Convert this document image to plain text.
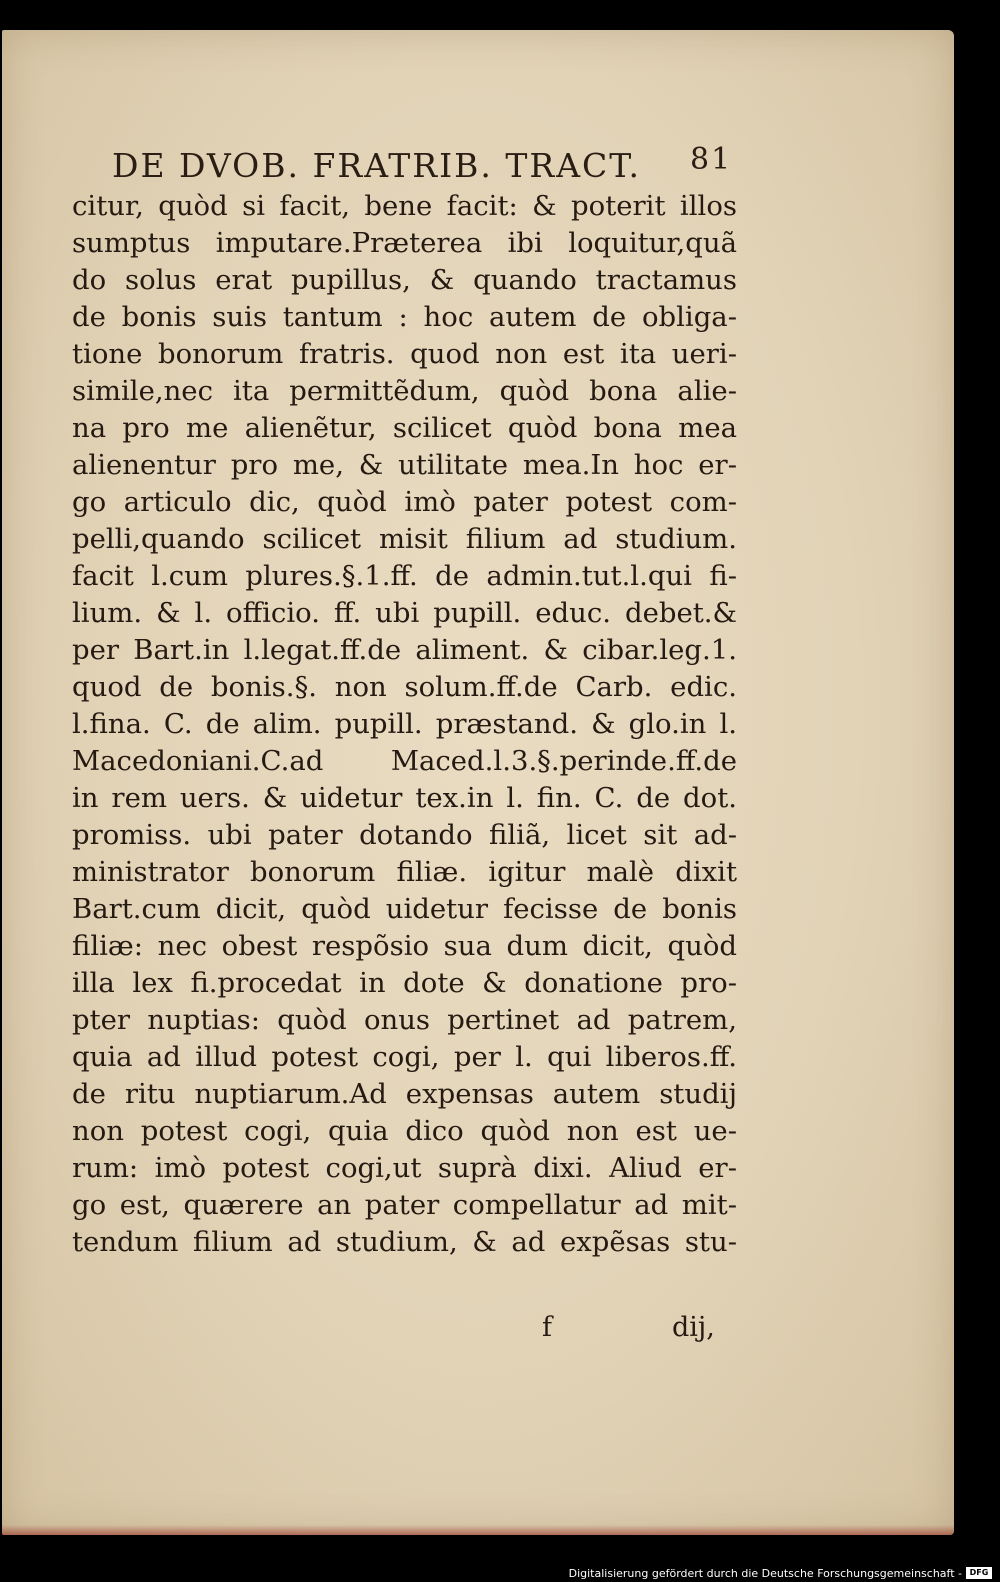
DE DVOB. FRATRIB. TRACT. 81
citur, quòd si facit, bene facit: & poterit illos
sumptus imputare.Præterea ibi loquitur,quã
do solus erat pupillus, & quando tractamus
de bonis suis tantum : hoc autem de obliga-
tione bonorum fratris. quod non est ita ueri-
simile,nec ita permittẽdum, quòd bona alie-
na pro me alienẽtur, scilicet quòd bona mea
alienentur pro me, & utilitate mea.In hoc er-
go articulo dic, quòd imò pater potest com-
pelli,quando scilicet misit filium ad studium.
facit l.cum plures.§.1.ff. de admin.tut.l.qui fi-
lium. & l. officio. ff. ubi pupill. educ. debet.&
per Bart.in l.legat.ff.de aliment. & cibar.leg.1.
quod de bonis.§. non solum.ff.de Carb. edic.
l.fina. C. de alim. pupill. præstand. & glo.in l.
Macedoniani.C.ad Maced.l.3.§.perinde.ff.de
in rem uers. & uidetur tex.in l. fin. C. de dot.
promiss. ubi pater dotando filiã, licet sit ad-
ministrator bonorum filiæ. igitur malè dixit
Bart.cum dicit, quòd uidetur fecisse de bonis
filiæ: nec obest respõsio sua dum dicit, quòd
illa lex fi.procedat in dote & donatione pro-
pter nuptias: quòd onus pertinet ad patrem,
quia ad illud potest cogi, per l. qui liberos.ff.
de ritu nuptiarum.Ad expensas autem studij
non potest cogi, quia dico quòd non est ue-
rum: imò potest cogi,ut suprà dixi. Aliud er-
go est, quærere an pater compellatur ad mit-
tendum filium ad studium, & ad expẽsas stu-
f	dij,
Digitalisierung gefördert durch die Deutsche Forschungsgemeinschaft - DFG
